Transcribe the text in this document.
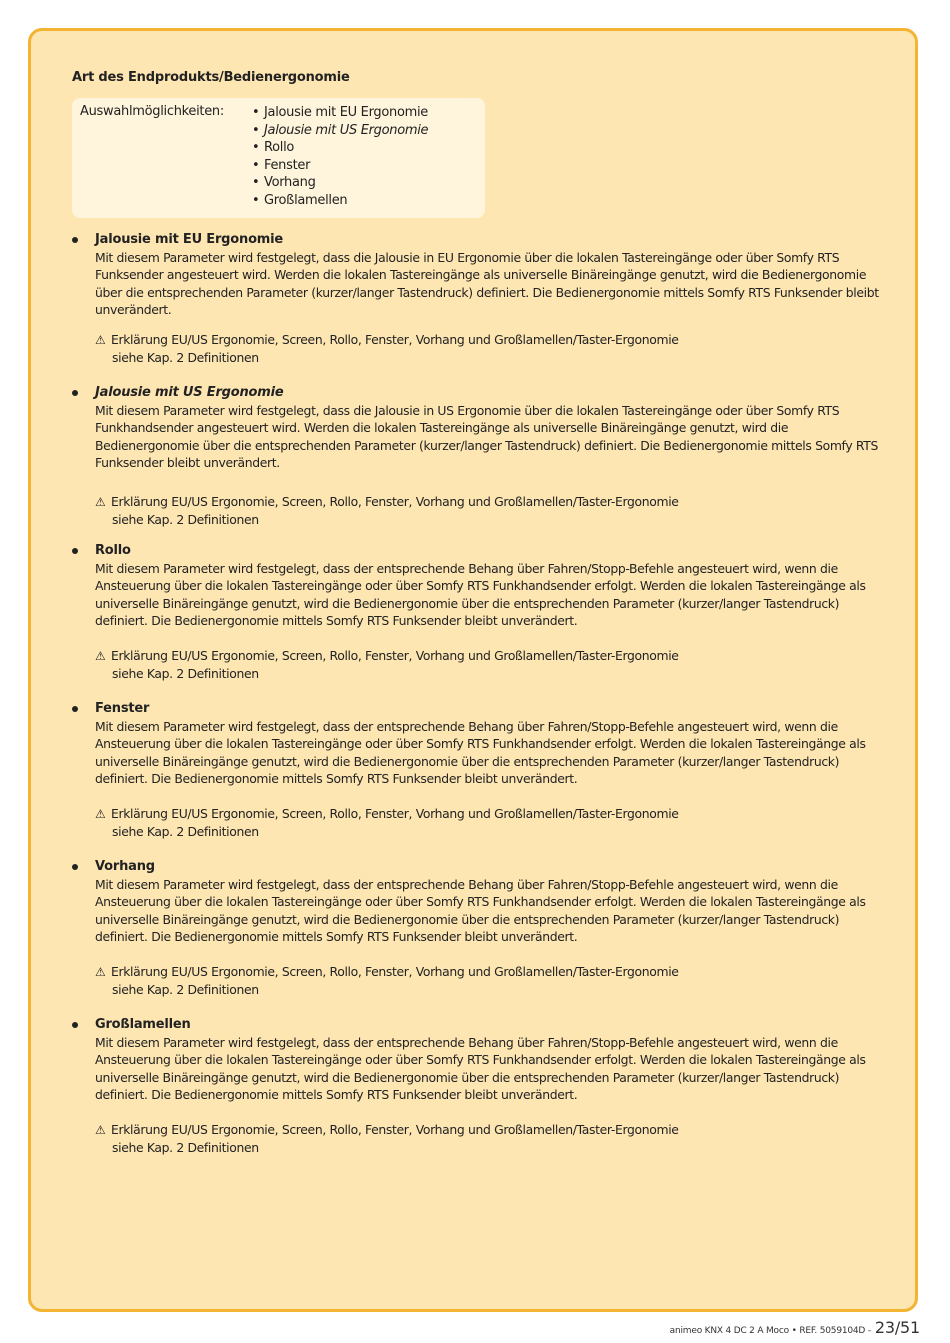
Art des Endprodukts/Bedienergonomie
Auswahlmöglichkeiten: • Jalousie mit EU Ergonomie
• Jalousie mit US Ergonomie
• Rollo
• Fenster
• Vorhang
• Großlamellen
Jalousie mit EU Ergonomie
Mit diesem Parameter wird festgelegt, dass die Jalousie in EU Ergonomie über die lokalen Tastereingänge oder über Somfy RTS Funksender angesteuert wird. Werden die lokalen Tastereingänge als universelle Binäreingänge genutzt, wird die Bedienergonomie über die entsprechenden Parameter (kurzer/langer Tastendruck) definiert. Die Bedienergonomie mittels Somfy RTS Funksender bleibt unverändert.
⚠ Erklärung EU/US Ergonomie, Screen, Rollo, Fenster, Vorhang und Großlamellen/Taster-Ergonomie
siehe Kap. 2 Definitionen
Jalousie mit US Ergonomie
Mit diesem Parameter wird festgelegt, dass die Jalousie in US Ergonomie über die lokalen Tastereingänge oder über Somfy RTS Funkhandsender angesteuert wird. Werden die lokalen Tastereingänge als universelle Binäreingänge genutzt, wird die Bedienergonomie über die entsprechenden Parameter (kurzer/langer Tastendruck) definiert. Die Bedienergonomie mittels Somfy RTS Funksender bleibt unverändert.
⚠ Erklärung EU/US Ergonomie, Screen, Rollo, Fenster, Vorhang und Großlamellen/Taster-Ergonomie
siehe Kap. 2 Definitionen
Rollo
Mit diesem Parameter wird festgelegt, dass der entsprechende Behang über Fahren/Stopp-Befehle angesteuert wird, wenn die Ansteuerung über die lokalen Tastereingänge oder über Somfy RTS Funkhandsender erfolgt. Werden die lokalen Tastereingänge als universelle Binäreingänge genutzt, wird die Bedienergonomie über die entsprechenden Parameter (kurzer/langer Tastendruck) definiert. Die Bedienergonomie mittels Somfy RTS Funksender bleibt unverändert.
⚠ Erklärung EU/US Ergonomie, Screen, Rollo, Fenster, Vorhang und Großlamellen/Taster-Ergonomie
siehe Kap. 2 Definitionen
Fenster
Mit diesem Parameter wird festgelegt, dass der entsprechende Behang über Fahren/Stopp-Befehle angesteuert wird, wenn die Ansteuerung über die lokalen Tastereingänge oder über Somfy RTS Funkhandsender erfolgt. Werden die lokalen Tastereingänge als universelle Binäreingänge genutzt, wird die Bedienergonomie über die entsprechenden Parameter (kurzer/langer Tastendruck) definiert. Die Bedienergonomie mittels Somfy RTS Funksender bleibt unverändert.
⚠ Erklärung EU/US Ergonomie, Screen, Rollo, Fenster, Vorhang und Großlamellen/Taster-Ergonomie
siehe Kap. 2 Definitionen
Vorhang
Mit diesem Parameter wird festgelegt, dass der entsprechende Behang über Fahren/Stopp-Befehle angesteuert wird, wenn die Ansteuerung über die lokalen Tastereingänge oder über Somfy RTS Funkhandsender erfolgt. Werden die lokalen Tastereingänge als universelle Binäreingänge genutzt, wird die Bedienergonomie über die entsprechenden Parameter (kurzer/langer Tastendruck) definiert. Die Bedienergonomie mittels Somfy RTS Funksender bleibt unverändert.
⚠ Erklärung EU/US Ergonomie, Screen, Rollo, Fenster, Vorhang und Großlamellen/Taster-Ergonomie
siehe Kap. 2 Definitionen
Großlamellen
Mit diesem Parameter wird festgelegt, dass der entsprechende Behang über Fahren/Stopp-Befehle angesteuert wird, wenn die Ansteuerung über die lokalen Tastereingänge oder über Somfy RTS Funkhandsender erfolgt. Werden die lokalen Tastereingänge als universelle Binäreingänge genutzt, wird die Bedienergonomie über die entsprechenden Parameter (kurzer/langer Tastendruck) definiert. Die Bedienergonomie mittels Somfy RTS Funksender bleibt unverändert.
⚠ Erklärung EU/US Ergonomie, Screen, Rollo, Fenster, Vorhang und Großlamellen/Taster-Ergonomie
siehe Kap. 2 Definitionen
animeo KNX 4 DC 2 A Moco • REF. 5059104D - 23/51
